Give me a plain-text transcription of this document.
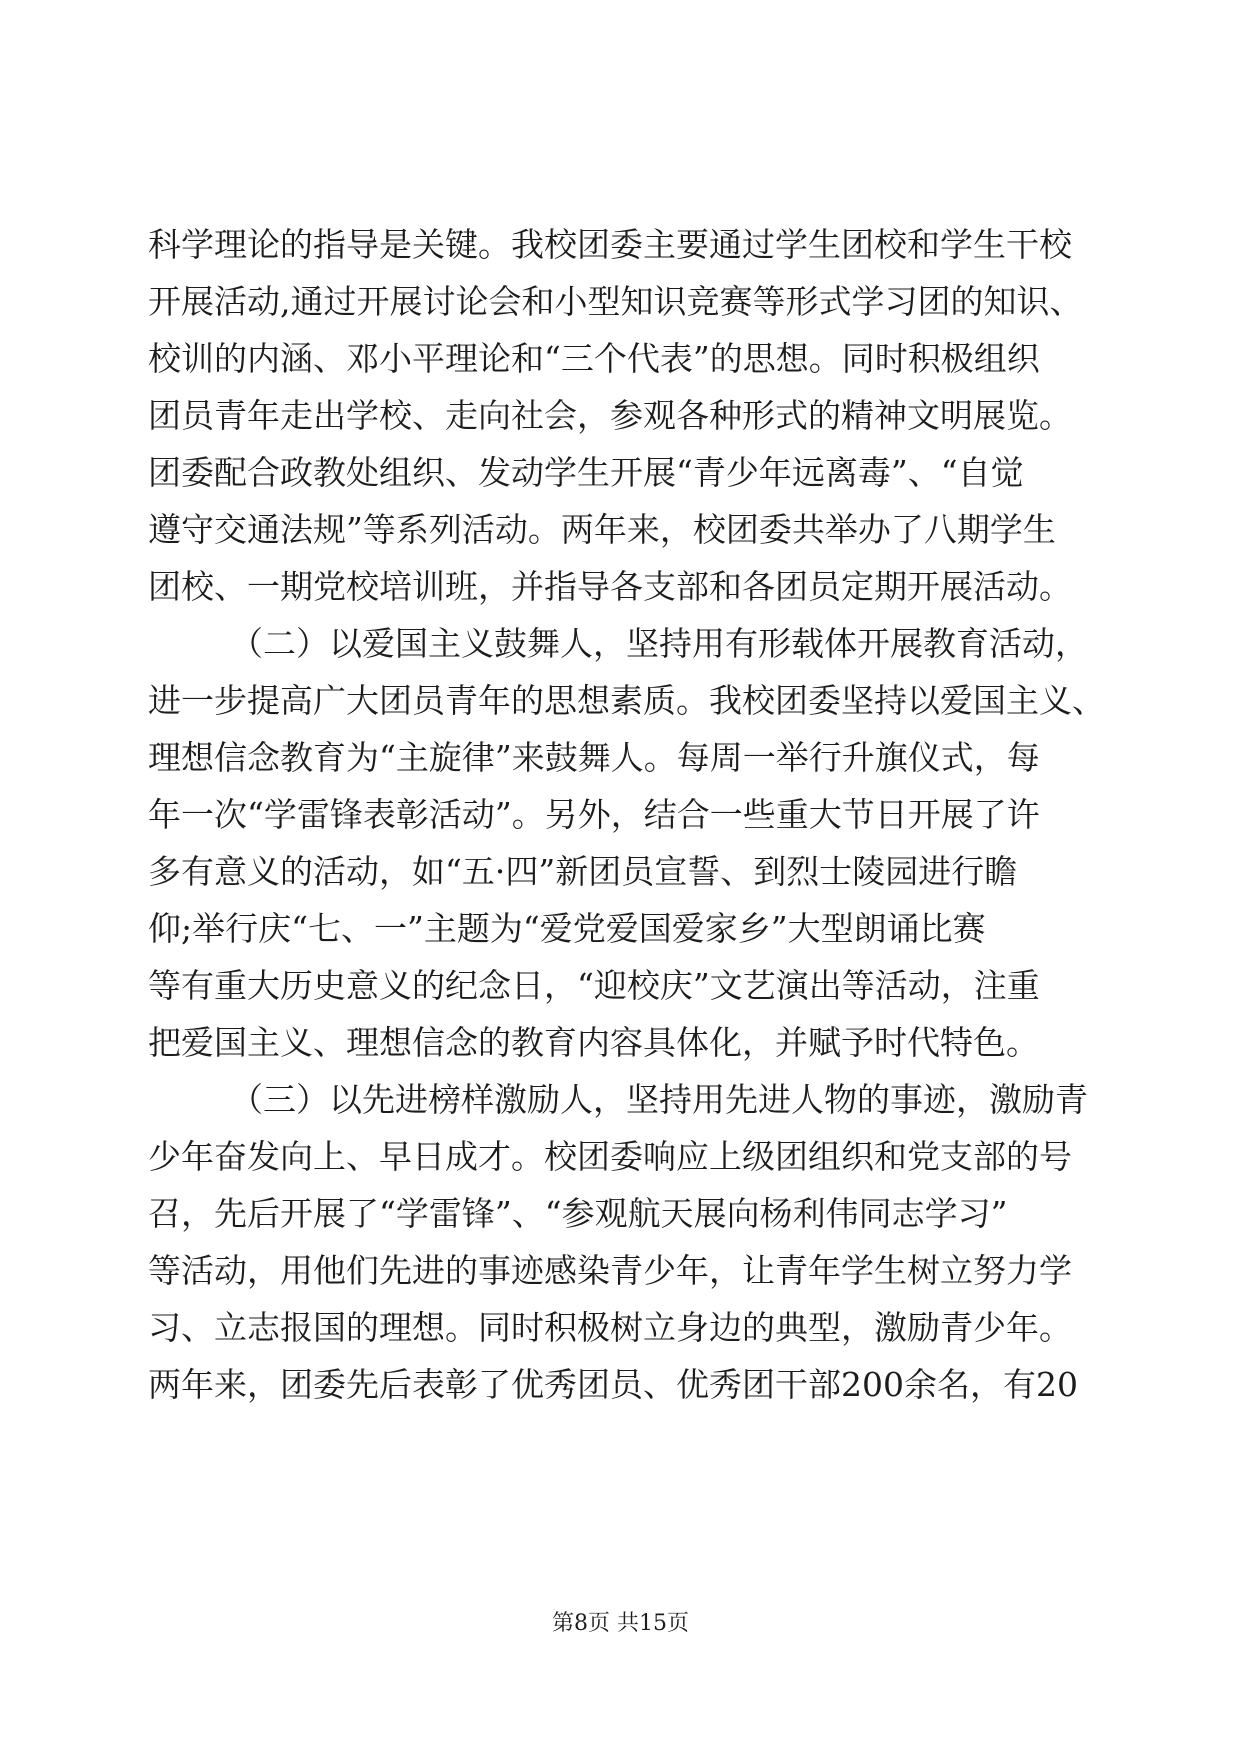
科学理论的指导是关键。我校团委主要通过学生团校和学生干校
开展活动,通过开展讨论会和小型知识竞赛等形式学习团的知识、
校训的内涵、邓小平理论和“三个代表”的思想。同时积极组织
团员青年走出学校、走向社会，参观各种形式的精神文明展览。
团委配合政教处组织、发动学生开展“青少年远离毒”、“自觉
遵守交通法规”等系列活动。两年来，校团委共举办了八期学生
团校、一期党校培训班，并指导各支部和各团员定期开展活动。
（二）以爱国主义鼓舞人，坚持用有形载体开展教育活动，
进一步提高广大团员青年的思想素质。我校团委坚持以爱国主义、
理想信念教育为“主旋律”来鼓舞人。每周一举行升旗仪式，每
年一次“学雷锋表彰活动”。另外，结合一些重大节日开展了许
多有意义的活动，如“五·四”新团员宣誓、到烈士陵园进行瞻
仰;举行庆“七、一”主题为“爱党爱国爱家乡”大型朗诵比赛
等有重大历史意义的纪念日，“迎校庆”文艺演出等活动，注重
把爱国主义、理想信念的教育内容具体化，并赋予时代特色。
（三）以先进榜样激励人，坚持用先进人物的事迹，激励青
少年奋发向上、早日成才。校团委响应上级团组织和党支部的号
召，先后开展了“学雷锋”、“参观航天展向杨利伟同志学习”
等活动，用他们先进的事迹感染青少年，让青年学生树立努力学
习、立志报国的理想。同时积极树立身边的典型，激励青少年。
两年来，团委先后表彰了优秀团员、优秀团干部200余名，有20
第8页 共15页
